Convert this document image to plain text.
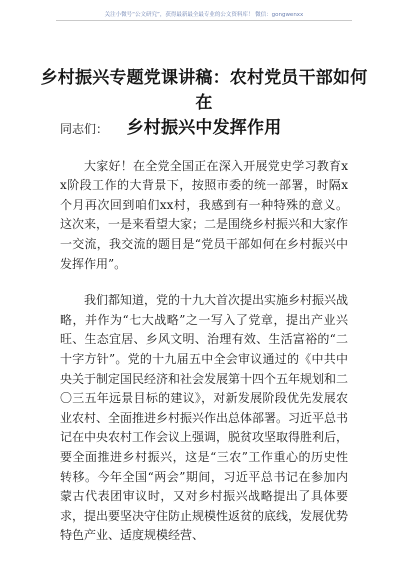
关注小微号“公文研究”，获得最新最全最专业的公文资料库！ 微信：gongwenxx
乡村振兴专题党课讲稿：农村党员干部如何在
乡村振兴中发挥作用

同志们：

大家好！在全党全国正在深入开展党史学习教育xx阶段工作的大背景下，按照市委的统一部署，时隔x个月再次回到咱们xx村，我感到有一种特殊的意义。这次来，一是来看望大家；二是围绕乡村振兴和大家作一交流，我交流的题目是“党员干部如何在乡村振兴中发挥作用”。

我们都知道，党的十九大首次提出实施乡村振兴战略，并作为“七大战略”之一写入了党章，提出产业兴旺、生态宜居、乡风文明、治理有效、生活富裕的“二十字方针”。党的十九届五中全会审议通过的《中共中央关于制定国民经济和社会发展第十四个五年规划和二〇三五年远景目标的建议》，对新发展阶段优先发展农业农村、全面推进乡村振兴作出总体部署。习近平总书记在中央农村工作会议上强调，脱贫攻坚取得胜利后，要全面推进乡村振兴，这是“三农”工作重心的历史性转移。今年全国“两会”期间，习近平总书记在参加内蒙古代表团审议时，又对乡村振兴战略提出了具体要求，提出要坚决守住防止规模性返贫的底线，发展优势特色产业、适度规模经营、
